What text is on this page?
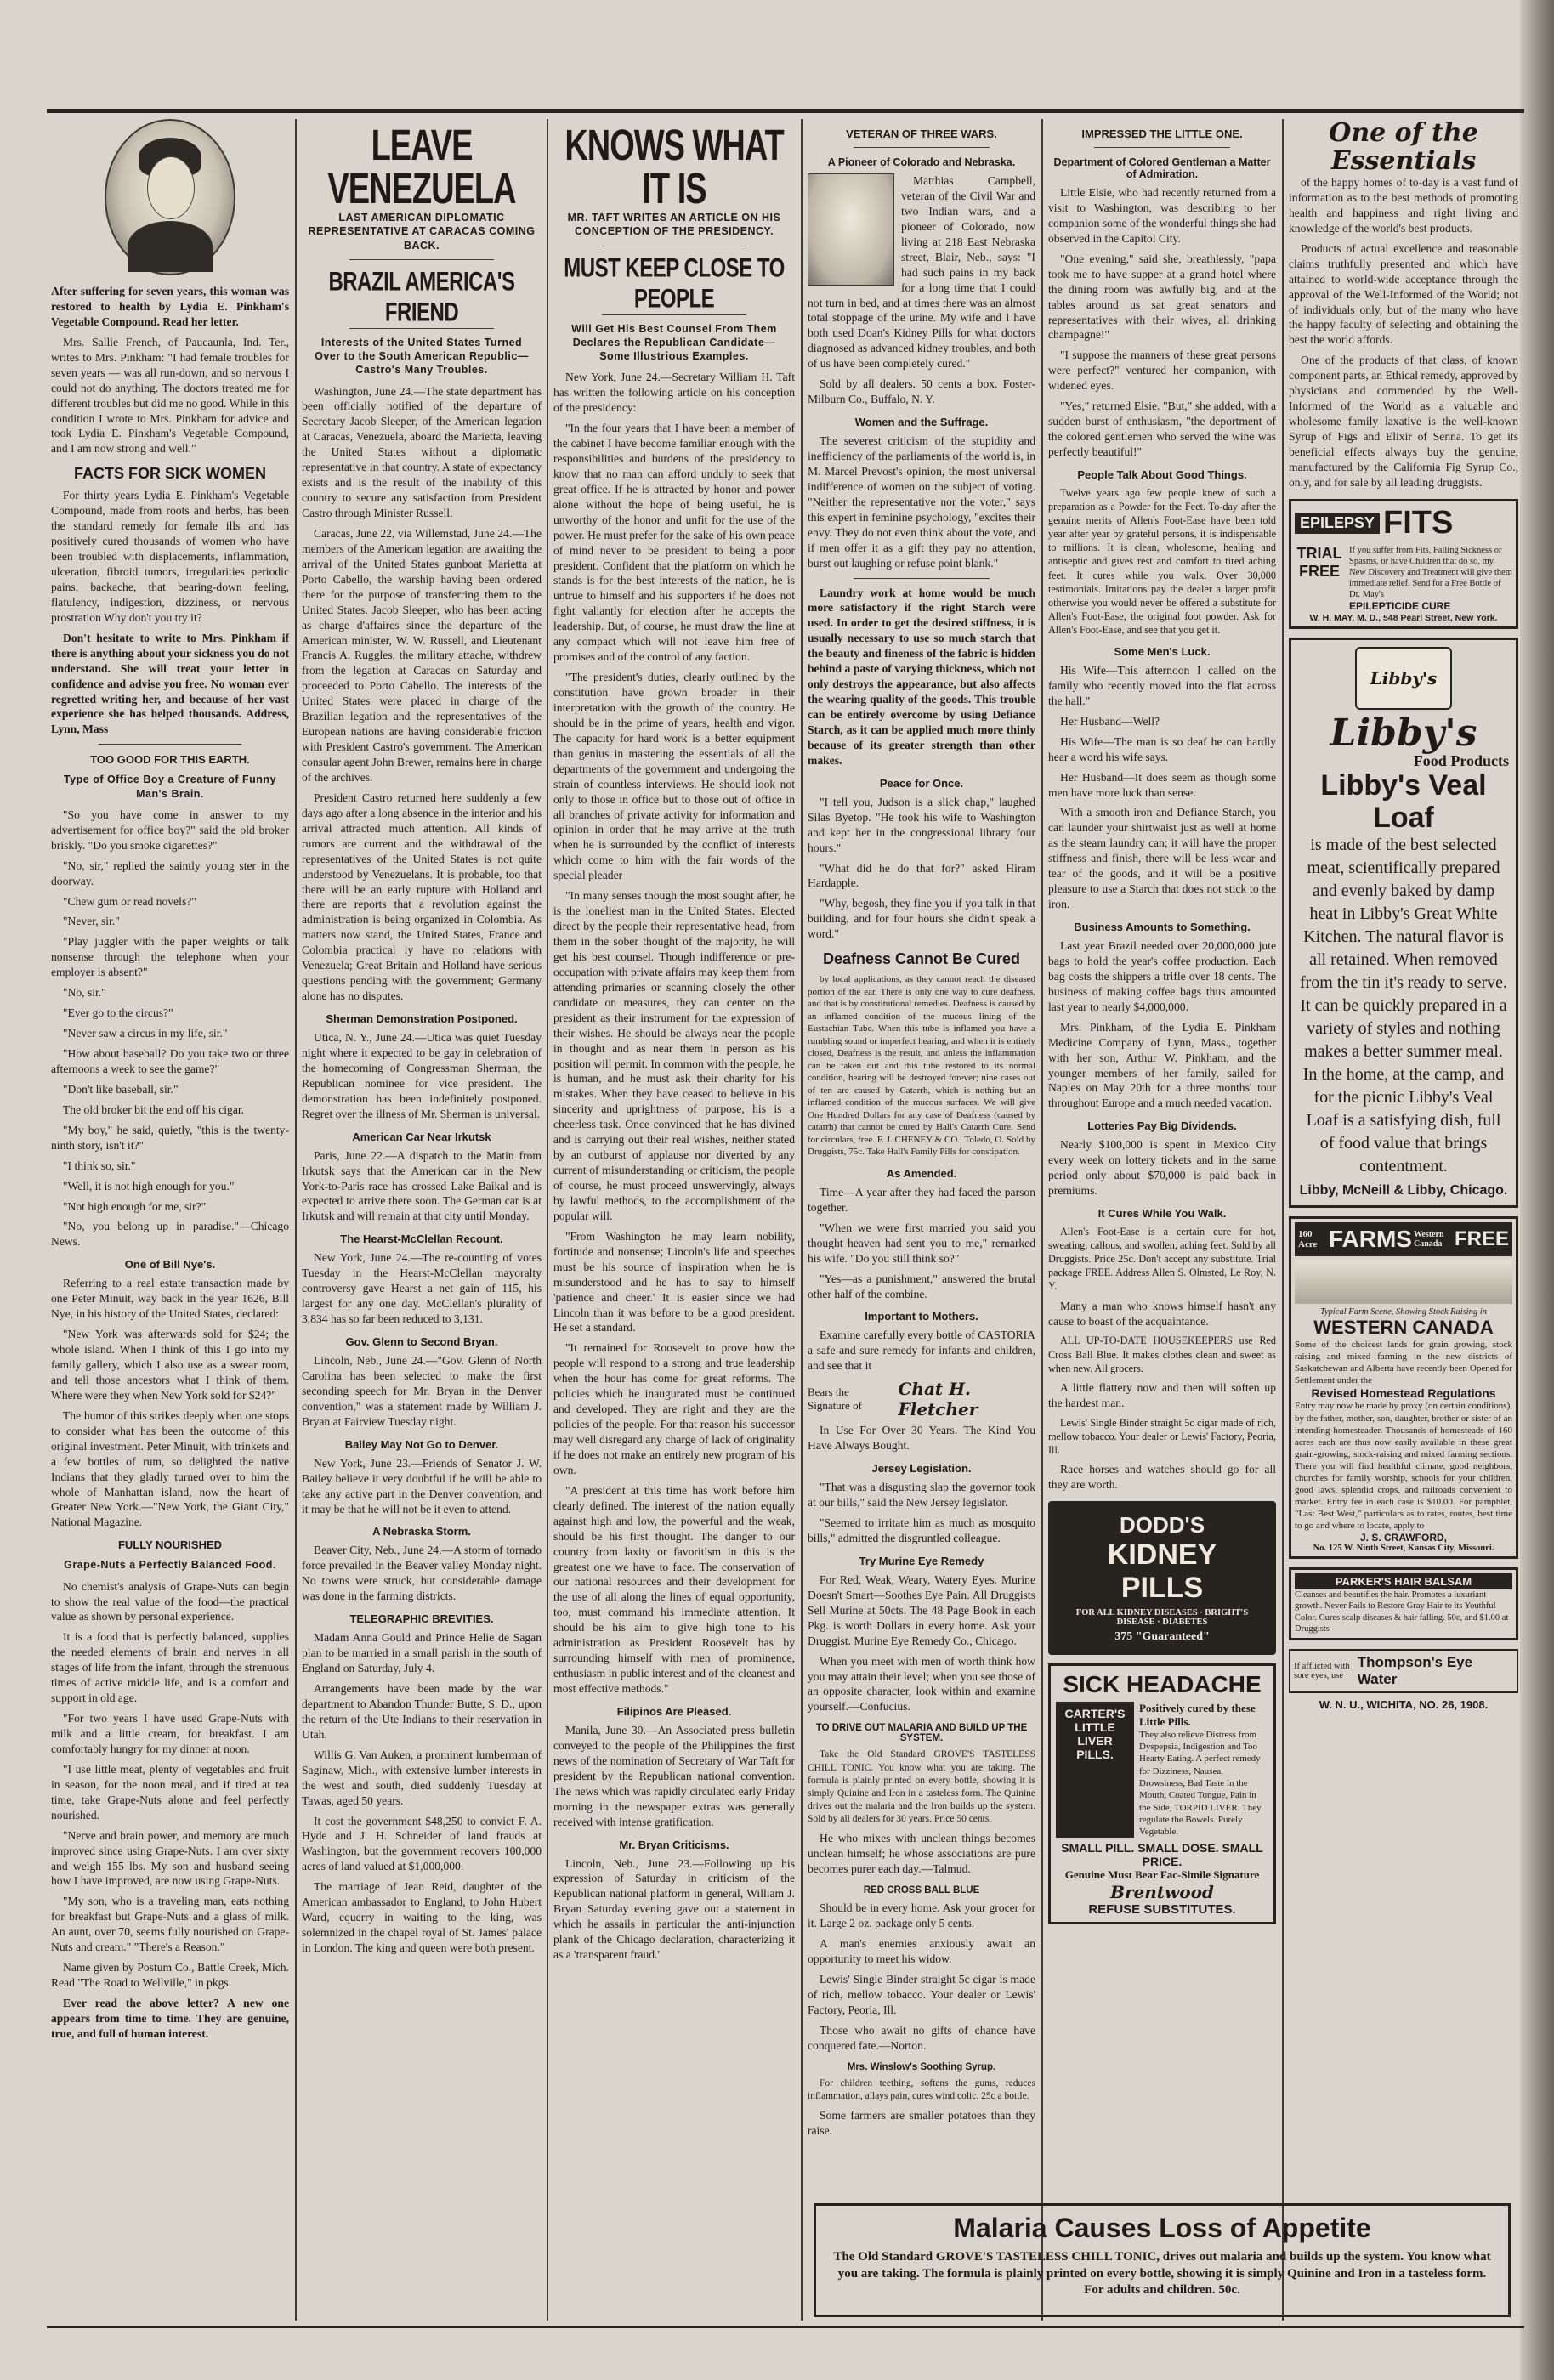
After suffering for seven years, this woman was restored to health by Lydia E. Pinkham's Vegetable Compound. Read her letter.

Mrs. Sallie French, of Paucaunla, Ind. Ter., writes to Mrs. Pinkham: "I had female troubles for seven years — was all run-down, and so nervous I could not do anything. The doctors treated me for different troubles but did me no good. While in this condition I wrote to Mrs. Pinkham for advice and took Lydia E. Pinkham's Vegetable Compound, and I am now strong and well."

FACTS FOR SICK WOMEN

For thirty years Lydia E. Pinkham's Vegetable Compound, made from roots and herbs, has been the standard remedy for female ills and has positively cured thousands of women who have been troubled with displacements, inflammation, ulceration, fibroid tumors, irregularities periodic pains, backache, that bearing-down feeling, flatulency, indigestion, dizziness, or nervous prostration Why don't you try it?

Don't hesitate to write to Mrs. Pinkham if there is anything about your sickness you do not understand. She will treat your letter in confidence and advise you free. No woman ever regretted writing her, and because of her vast experience she has helped thousands. Address, Lynn, Mass

TOO GOOD FOR THIS EARTH.
Type of Office Boy a Creature of Funny Man's Brain.

"So you have come in answer to my advertisement for office boy?" said the old broker briskly. "Do you smoke cigarettes?"

"No, sir," replied the saintly young ster in the doorway.

"Chew gum or read novels?"

"Never, sir."

"Play juggler with the paper weights or talk nonsense through the telephone when your employer is absent?"

"No, sir."

"Ever go to the circus?"

"Never saw a circus in my life, sir."

"How about baseball? Do you take two or three afternoons a week to see the game?"

"Don't like baseball, sir."

The old broker bit the end off his cigar.

"My boy," he said, quietly, "this is the twenty-ninth story, isn't it?"

"I think so, sir."

"Well, it is not high enough for you."

"Not high enough for me, sir?"

"No, you belong up in paradise."—Chicago News.

One of Bill Nye's.

Referring to a real estate transaction made by one Peter Minuit, way back in the year 1626, Bill Nye, in his history of the United States, declared:

"New York was afterwards sold for $24; the whole island. When I think of this I go into my family gallery, which I also use as a swear room, and tell those ancestors what I think of them. Where were they when New York sold for $24?"

The humor of this strikes deeply when one stops to consider what has been the outcome of this original investment. Peter Minuit, with trinkets and a few bottles of rum, so delighted the native Indians that they gladly turned over to him the whole of Manhattan island, now the heart of Greater New York.—"New York, the Giant City," National Magazine.

FULLY NOURISHED
Grape-Nuts a Perfectly Balanced Food.

No chemist's analysis of Grape-Nuts can begin to show the real value of the food—the practical value as shown by personal experience.

It is a food that is perfectly balanced, supplies the needed elements of brain and nerves in all stages of life from the infant, through the strenuous times of active middle life, and is a comfort and support in old age.

"For two years I have used Grape-Nuts with milk and a little cream, for breakfast. I am comfortably hungry for my dinner at noon.

"I use little meat, plenty of vegetables and fruit in season, for the noon meal, and if tired at tea time, take Grape-Nuts alone and feel perfectly nourished.

"Nerve and brain power, and memory are much improved since using Grape-Nuts. I am over sixty and weigh 155 lbs. My son and husband seeing how I have improved, are now using Grape-Nuts.

"My son, who is a traveling man, eats nothing for breakfast but Grape-Nuts and a glass of milk. An aunt, over 70, seems fully nourished on Grape-Nuts and cream." "There's a Reason."

Name given by Postum Co., Battle Creek, Mich. Read "The Road to Wellville," in pkgs.

Ever read the above letter? A new one appears from time to time. They are genuine, true, and full of human interest.

LEAVE VENEZUELA
LAST AMERICAN DIPLOMATIC REPRESENTATIVE AT CARACAS COMING BACK.
BRAZIL AMERICA'S FRIEND
Interests of the United States Turned Over to the South American Republic—Castro's Many Troubles.

Washington, June 24.—The state department has been officially notified of the departure of Secretary Jacob Sleeper, of the American legation at Caracas, Venezuela, aboard the Marietta, leaving the United States without a diplomatic representative in that country. A state of expectancy exists and is the result of the inability of this country to secure any satisfaction from President Castro through Minister Russell.

Caracas, June 22, via Willemstad, June 24.—The members of the American legation are awaiting the arrival of the United States gunboat Marietta at Porto Cabello, the warship having been ordered there for the purpose of transferring them to the United States. Jacob Sleeper, who has been acting as charge d'affaires since the departure of the American minister, W. W. Russell, and Lieutenant Francis A. Ruggles, the military attache, withdrew from the legation at Caracas on Saturday and proceeded to Porto Cabello. The interests of the United States were placed in charge of the Brazilian legation and the representatives of the European nations are having considerable friction with President Castro's government. The American consular agent John Brewer, remains here in charge of the archives.

President Castro returned here suddenly a few days ago after a long absence in the interior and his arrival attracted much attention. All kinds of rumors are current and the withdrawal of the representatives of the United States is not quite understood by Venezuelans. It is probable, too that there will be an early rupture with Holland and there are reports that a revolution against the administration is being organized in Colombia. As matters now stand, the United States, France and Colombia practical ly have no relations with Venezuela; Great Britain and Holland have serious questions pending with the government; Germany alone has no disputes.

Sherman Demonstration Postponed.

Utica, N. Y., June 24.—Utica was quiet Tuesday night where it expected to be gay in celebration of the homecoming of Congressman Sherman, the Republican nominee for vice president. The demonstration has been indefinitely postponed. Regret over the illness of Mr. Sherman is universal.

American Car Near Irkutsk

Paris, June 22.—A dispatch to the Matin from Irkutsk says that the American car in the New York-to-Paris race has crossed Lake Baikal and is expected to arrive there soon. The German car is at Irkutsk and will remain at that city until Monday.

The Hearst-McClellan Recount.

New York, June 24.—The re-counting of votes Tuesday in the Hearst-McClellan mayoralty controversy gave Hearst a net gain of 115, his largest for any one day. McClellan's plurality of 3,834 has so far been reduced to 3,131.

Gov. Glenn to Second Bryan.

Lincoln, Neb., June 24.—"Gov. Glenn of North Carolina has been selected to make the first seconding speech for Mr. Bryan in the Denver convention," was a statement made by William J. Bryan at Fairview Tuesday night.

Bailey May Not Go to Denver.

New York, June 23.—Friends of Senator J. W. Bailey believe it very doubtful if he will be able to take any active part in the Denver convention, and it may be that he will not be it even to attend.

A Nebraska Storm.

Beaver City, Neb., June 24.—A storm of tornado force prevailed in the Beaver valley Monday night. No towns were struck, but considerable damage was done in the farming districts.

TELEGRAPHIC BREVITIES.

Madam Anna Gould and Prince Helie de Sagan plan to be married in a small parish in the south of England on Saturday, July 4.

Arrangements have been made by the war department to Abandon Thunder Butte, S. D., upon the return of the Ute Indians to their reservation in Utah.

Willis G. Van Auken, a prominent lumberman of Saginaw, Mich., with extensive lumber interests in the west and south, died suddenly Tuesday at Tawas, aged 50 years.

It cost the government $48,250 to convict F. A. Hyde and J. H. Schneider of land frauds at Washington, but the government recovers 100,000 acres of land valued at $1,000,000.

The marriage of Jean Reid, daughter of the American ambassador to England, to John Hubert Ward, equerry in waiting to the king, was solemnized in the chapel royal of St. James' palace in London. The king and queen were both present.

KNOWS WHAT IT IS
MR. TAFT WRITES AN ARTICLE ON HIS CONCEPTION OF THE PRESIDENCY.
MUST KEEP CLOSE TO PEOPLE
Will Get His Best Counsel From Them Declares the Republican Candidate—Some Illustrious Examples.

New York, June 24.—Secretary William H. Taft has written the following article on his conception of the presidency:

"In the four years that I have been a member of the cabinet I have become familiar enough with the responsibilities and burdens of the presidency to know that no man can afford unduly to seek that great office. If he is attracted by honor and power alone without the hope of being useful, he is unworthy of the honor and unfit for the use of the power. He must prefer for the sake of his own peace of mind never to be president to being a poor president. Confident that the platform on which he stands is for the best interests of the nation, he is untrue to himself and his supporters if he does not fight valiantly for election after he accepts the leadership. But, of course, he must draw the line at any compact which will not leave him free of promises and of the control of any faction.

"The president's duties, clearly outlined by the constitution have grown broader in their interpretation with the growth of the country. He should be in the prime of years, health and vigor. The capacity for hard work is a better equipment than genius in mastering the essentials of all the departments of the government and undergoing the strain of countless interviews. He should look not only to those in office but to those out of office in all branches of private activity for information and opinion in order that he may arrive at the truth when he is surrounded by the conflict of interests which come to him with the fair words of the special pleader

"In many senses though the most sought after, he is the loneliest man in the United States. Elected direct by the people their representative head, from them in the sober thought of the majority, he will get his best counsel. Though indifference or pre-occupation with private affairs may keep them from attending primaries or scanning closely the other candidate on measures, they can center on the president as their instrument for the expression of their wishes. He should be always near the people in thought and as near them in person as his position will permit. In common with the people, he is human, and he must ask their charity for his mistakes. When they have ceased to believe in his sincerity and uprightness of purpose, his is a cheerless task. Once convinced that he has divined and is carrying out their real wishes, neither stated by an outburst of applause nor diverted by any current of misunderstanding or criticism, the people of course, he must proceed unswervingly, always by lawful methods, to the accomplishment of the popular will.

"From Washington he may learn nobility, fortitude and nonsense; Lincoln's life and speeches must be his source of inspiration when he is misunderstood and he has to say to himself 'patience and cheer.' It is easier since we had Lincoln than it was before to be a good president. He set a standard.

"It remained for Roosevelt to prove how the people will respond to a strong and true leadership when the hour has come for great reforms. The policies which he inaugurated must be continued and developed. They are right and they are the policies of the people. For that reason his successor may well disregard any charge of lack of originality if he does not make an entirely new program of his own.

"A president at this time has work before him clearly defined. The interest of the nation equally against high and low, the powerful and the weak, should be his first thought. The danger to our country from laxity or favoritism in this is the greatest one we have to face. The conservation of our national resources and their development for the use of all along the lines of equal opportunity, too, must command his immediate attention. It should be his aim to give high tone to his administration as President Roosevelt has by surrounding himself with men of prominence, enthusiasm in public interest and of the cleanest and most effective methods."

Filipinos Are Pleased.

Manila, June 30.—An Associated press bulletin conveyed to the people of the Philippines the first news of the nomination of Secretary of War Taft for president by the Republican national convention. The news which was rapidly circulated early Friday morning in the newspaper extras was generally received with intense gratification.

Mr. Bryan Criticisms.

Lincoln, Neb., June 23.—Following up his expression of Saturday in criticism of the Republican national platform in general, William J. Bryan Saturday evening gave out a statement in which he assails in particular the anti-injunction plank of the Chicago declaration, characterizing it as a 'transparent fraud.'

VETERAN OF THREE WARS.
A Pioneer of Colorado and Nebraska.

Matthias Campbell, veteran of the Civil War and two Indian wars, and a pioneer of Colorado, now living at 218 East Nebraska street, Blair, Neb., says: "I had such pains in my back for a long time that I could not turn in bed, and at times there was an almost total stoppage of the urine. My wife and I have both used Doan's Kidney Pills for what doctors diagnosed as advanced kidney troubles, and both of us have been completely cured."

Sold by all dealers. 50 cents a box. Foster-Milburn Co., Buffalo, N. Y.

Women and the Suffrage.

The severest criticism of the stupidity and inefficiency of the parliaments of the world is, in M. Marcel Prevost's opinion, the most universal indifference of women on the subject of voting. "Neither the representative nor the voter," says this expert in feminine psychology, "excites their envy. They do not even think about the vote, and if men offer it as a gift they pay no attention, burst out laughing or refuse point blank."

Laundry work at home would be much more satisfactory if the right Starch were used. In order to get the desired stiffness, it is usually necessary to use so much starch that the beauty and fineness of the fabric is hidden behind a paste of varying thickness, which not only destroys the appearance, but also affects the wearing quality of the goods. This trouble can be entirely overcome by using Defiance Starch, as it can be applied much more thinly because of its greater strength than other makes.

Peace for Once.

"I tell you, Judson is a slick chap," laughed Silas Byetop. "He took his wife to Washington and kept her in the congressional library four hours."

"What did he do that for?" asked Hiram Hardapple.

"Why, begosh, they fine you if you talk in that building, and for four hours she didn't speak a word."

Deafness Cannot Be Cured

by local applications, as they cannot reach the diseased portion of the ear. There is only one way to cure deafness, and that is by constitutional remedies. Deafness is caused by an inflamed condition of the mucous lining of the Eustachian Tube. When this tube is inflamed you have a rumbling sound or imperfect hearing, and when it is entirely closed, Deafness is the result, and unless the inflammation can be taken out and this tube restored to its normal condition, hearing will be destroyed forever; nine cases out of ten are caused by Catarrh, which is nothing but an inflamed condition of the mucous surfaces. We will give One Hundred Dollars for any case of Deafness (caused by catarrh) that cannot be cured by Hall's Catarrh Cure. Send for circulars, free. F. J. CHENEY & CO., Toledo, O. Sold by Druggists, 75c. Take Hall's Family Pills for constipation.

As Amended.

Time—A year after they had faced the parson together.

"When we were first married you said you thought heaven had sent you to me," remarked his wife. "Do you still think so?"

"Yes—as a punishment," answered the brutal other half of the combine.

Important to Mothers.

Examine carefully every bottle of CASTORIA a safe and sure remedy for infants and children, and see that it

Bears the Signature of
Chat H. Fletcher

In Use For Over 30 Years. The Kind You Have Always Bought.

Jersey Legislation.

"That was a disgusting slap the governor took at our bills," said the New Jersey legislator.

"Seemed to irritate him as much as mosquito bills," admitted the disgruntled colleague.

Try Murine Eye Remedy

For Red, Weak, Weary, Watery Eyes. Murine Doesn't Smart—Soothes Eye Pain. All Druggists Sell Murine at 50cts. The 48 Page Book in each Pkg. is worth Dollars in every home. Ask your Druggist. Murine Eye Remedy Co., Chicago.

When you meet with men of worth think how you may attain their level; when you see those of an opposite character, look within and examine yourself.—Confucius.

TO DRIVE OUT MALARIA AND BUILD UP THE SYSTEM.

Take the Old Standard GROVE'S TASTELESS CHILL TONIC. You know what you are taking. The formula is plainly printed on every bottle, showing it is simply Quinine and Iron in a tasteless form. The Quinine drives out the malaria and the Iron builds up the system. Sold by all dealers for 30 years. Price 50 cents.

He who mixes with unclean things becomes unclean himself; he whose associations are pure becomes purer each day.—Talmud.

RED CROSS BALL BLUE

Should be in every home. Ask your grocer for it. Large 2 oz. package only 5 cents.

A man's enemies anxiously await an opportunity to meet his widow.

Lewis' Single Binder straight 5c cigar is made of rich, mellow tobacco. Your dealer or Lewis' Factory, Peoria, Ill.

Those who await no gifts of chance have conquered fate.—Norton.

Mrs. Winslow's Soothing Syrup.

For children teething, softens the gums, reduces inflammation, allays pain, cures wind colic. 25c a bottle.

Some farmers are smaller potatoes than they raise.

IMPRESSED THE LITTLE ONE.
Department of Colored Gentleman a Matter of Admiration.

Little Elsie, who had recently returned from a visit to Washington, was describing to her companion some of the wonderful things she had observed in the Capitol City.

"One evening," said she, breathlessly, "papa took me to have supper at a grand hotel where the dining room was awfully big, and at the tables around us sat great senators and representatives with their wives, all drinking champagne!"

"I suppose the manners of these great persons were perfect?" ventured her companion, with widened eyes.

"Yes," returned Elsie. "But," she added, with a sudden burst of enthusiasm, "the deportment of the colored gentlemen who served the wine was perfectly beautiful!"

People Talk About Good Things.

Twelve years ago few people knew of such a preparation as a Powder for the Feet. To-day after the genuine merits of Allen's Foot-Ease have been told year after year by grateful persons, it is indispensable to millions. It is clean, wholesome, healing and antiseptic and gives rest and comfort to tired aching feet. It cures while you walk. Over 30,000 testimonials. Imitations pay the dealer a larger profit otherwise you would never be offered a substitute for Allen's Foot-Ease, the original foot powder. Ask for Allen's Foot-Ease, and see that you get it.

Some Men's Luck.

His Wife—This afternoon I called on the family who recently moved into the flat across the hall."

Her Husband—Well?

His Wife—The man is so deaf he can hardly hear a word his wife says.

Her Husband—It does seem as though some men have more luck than sense.

With a smooth iron and Defiance Starch, you can launder your shirtwaist just as well at home as the steam laundry can; it will have the proper stiffness and finish, there will be less wear and tear of the goods, and it will be a positive pleasure to use a Starch that does not stick to the iron.

Business Amounts to Something.

Last year Brazil needed over 20,000,000 jute bags to hold the year's coffee production. Each bag costs the shippers a trifle over 18 cents. The business of making coffee bags thus amounted last year to nearly $4,000,000.

Mrs. Pinkham, of the Lydia E. Pinkham Medicine Company of Lynn, Mass., together with her son, Arthur W. Pinkham, and the younger members of her family, sailed for Naples on May 20th for a three months' tour throughout Europe and a much needed vacation.

Lotteries Pay Big Dividends.

Nearly $100,000 is spent in Mexico City every week on lottery tickets and in the same period only about $70,000 is paid back in premiums.

It Cures While You Walk.

Allen's Foot-Ease is a certain cure for hot, sweating, callous, and swollen, aching feet. Sold by all Druggists. Price 25c. Don't accept any substitute. Trial package FREE. Address Allen S. Olmsted, Le Roy, N. Y.

Many a man who knows himself hasn't any cause to boast of the acquaintance.

ALL UP-TO-DATE HOUSEKEEPERS use Red Cross Ball Blue. It makes clothes clean and sweet as when new. All grocers.

A little flattery now and then will soften up the hardest man.

Lewis' Single Binder straight 5c cigar made of rich, mellow tobacco. Your dealer or Lewis' Factory, Peoria, Ill.

Race horses and watches should go for all they are worth.

DODD'S
KIDNEY
PILLS
FOR ALL KIDNEY DISEASES · BRIGHT'S DISEASE · DIABETES
375 "Guaranteed"
SICK HEADACHE
CARTER'S LITTLE LIVER PILLS.
Positively cured by these Little Pills.
They also relieve Distress from Dyspepsia, Indigestion and Too Hearty Eating. A perfect remedy for Dizziness, Nausea, Drowsiness, Bad Taste in the Mouth, Coated Tongue, Pain in the Side, TORPID LIVER. They regulate the Bowels. Purely Vegetable.
SMALL PILL. SMALL DOSE. SMALL PRICE.
Genuine Must Bear Fac-Simile Signature
Brentwood
REFUSE SUBSTITUTES.
One of the Essentials

of the happy homes of to-day is a vast fund of information as to the best methods of promoting health and happiness and right living and knowledge of the world's best products.

Products of actual excellence and reasonable claims truthfully presented and which have attained to world-wide acceptance through the approval of the Well-Informed of the World; not of individuals only, but of the many who have the happy faculty of selecting and obtaining the best the world affords.

One of the products of that class, of known component parts, an Ethical remedy, approved by physicians and commended by the Well-Informed of the World as a valuable and wholesome family laxative is the well-known Syrup of Figs and Elixir of Senna. To get its beneficial effects always buy the genuine, manufactured by the California Fig Syrup Co., only, and for sale by all leading druggists.

EPILEPSY FITS
TRIAL
FREE
If you suffer from Fits, Falling Sickness or Spasms, or have Children that do so, my New Discovery and Treatment will give them immediate relief. Send for a Free Bottle of Dr. May's
EPILEPTICIDE CURE
W. H. MAY, M. D., 548 Pearl Street, New York.
Libby's
Libby's
Food Products
Libby's Veal Loaf
is made of the best selected meat, scientifically prepared and evenly baked by damp heat in Libby's Great White Kitchen. The natural flavor is all retained. When removed from the tin it's ready to serve. It can be quickly prepared in a variety of styles and nothing makes a better summer meal. In the home, at the camp, and for the picnic Libby's Veal Loaf is a satisfying dish, full of food value that brings contentment.
Libby, McNeill & Libby, Chicago.
160 Acre FARMS Western Canada FREE
Typical Farm Scene, Showing Stock Raising in
WESTERN CANADA
Some of the choicest lands for grain growing, stock raising and mixed farming in the new districts of Saskatchewan and Alberta have recently been Opened for Settlement under the
Revised Homestead Regulations
Entry may now be made by proxy (on certain conditions), by the father, mother, son, daughter, brother or sister of an intending homesteader. Thousands of homesteads of 160 acres each are thus now easily available in these great grain-growing, stock-raising and mixed farming sections. There you will find healthful climate, good neighbors, churches for family worship, schools for your children, good laws, splendid crops, and railroads convenient to market. Entry fee in each case is $10.00. For pamphlet, "Last Best West," particulars as to rates, routes, best time to go and where to locate, apply to
J. S. CRAWFORD,
No. 125 W. Ninth Street, Kansas City, Missouri.
PARKER'S HAIR BALSAM
Cleanses and beautifies the hair. Promotes a luxuriant growth. Never Fails to Restore Gray Hair to its Youthful Color. Cures scalp diseases & hair falling. 50c, and $1.00 at Druggists
If afflicted with sore eyes, use
Thompson's Eye Water
W. N. U., WICHITA, NO. 26, 1908.
Malaria Causes Loss of Appetite
The Old Standard GROVE'S TASTELESS CHILL TONIC, drives out malaria and builds up the system. You know what you are taking. The formula is plainly printed on every bottle, showing it is simply Quinine and Iron in a tasteless form. For adults and children. 50c.
